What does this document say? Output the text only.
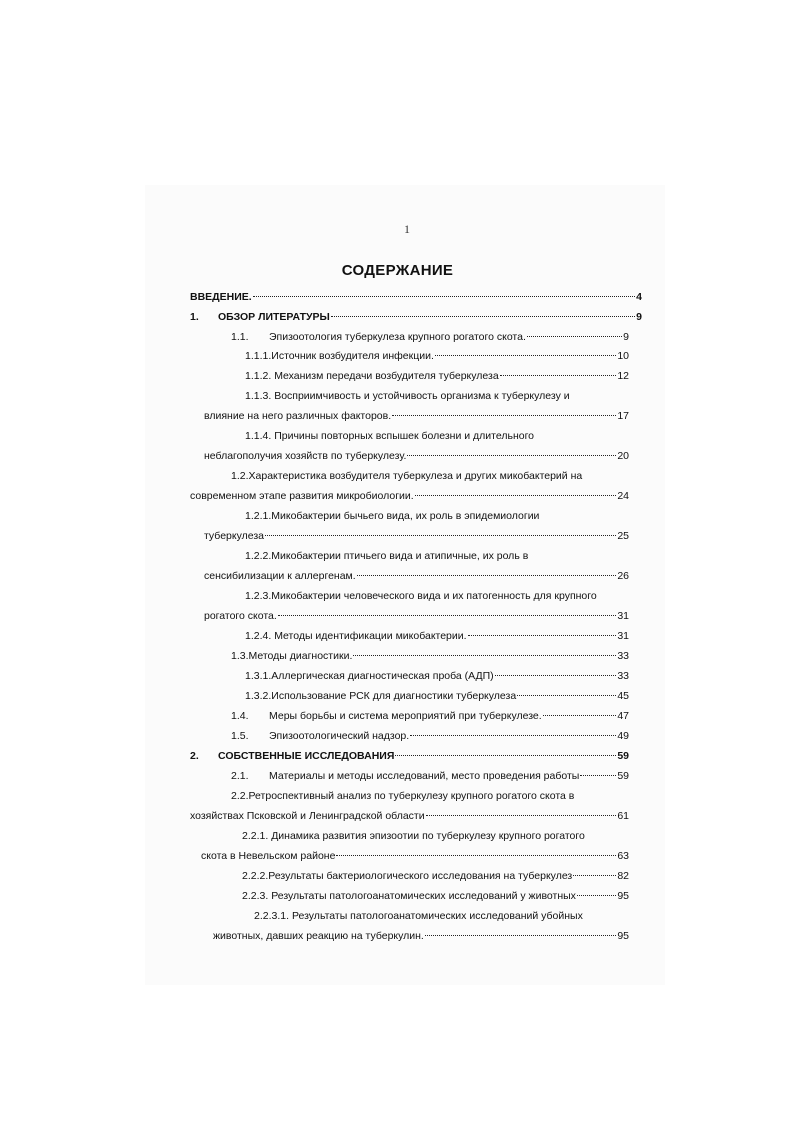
1
СОДЕРЖАНИЕ
ВВЕДЕНИЕ.	4
1.	ОБЗОР ЛИТЕРАТУРЫ	9
1.1.	Эпизоотология туберкулеза крупного рогатого скота.	9
1.1.1.Источник возбудителя инфекции.	10
1.1.2. Механизм передачи возбудителя туберкулеза	12
1.1.3. Восприимчивость и устойчивость организма к туберкулезу и
влияние на него различных факторов.	17
1.1.4. Причины повторных вспышек болезни и длительного
неблагополучия хозяйств по туберкулезу.	20
1.2.Характеристика возбудителя туберкулеза и других микобактерий на
современном этапе развития микробиологии.	24
1.2.1.Микобактерии бычьего вида, их роль в эпидемиологии
туберкулеза	25
1.2.2.Микобактерии птичьего вида и атипичные, их роль в
сенсибилизации к аллергенам.	26
1.2.3.Микобактерии человеческого вида и их патогенность для крупного
рогатого скота.	31
1.2.4. Методы идентификации микобактерии.	31
1.3.Методы диагностики.	33
1.3.1.Аллергическая диагностическая проба (АДП)	33
1.3.2.Использование РСК для диагностики туберкулеза	45
1.4.	Меры борьбы и система мероприятий при туберкулезе.	47
1.5.	Эпизоотологический надзор.	49
2.	СОБСТВЕННЫЕ ИССЛЕДОВАНИЯ	59
2.1.	Материалы и методы исследований, место проведения работы	59
2.2.Ретроспективный анализ по туберкулезу крупного рогатого скота в
хозяйствах Псковской и Ленинградской области	61
2.2.1. Динамика развития эпизоотии по туберкулезу крупного рогатого
скота в Невельском районе	63
2.2.2.Результаты бактериологического исследования на туберкулез	82
2.2.3. Результаты патологоанатомических исследований у животных	95
2.2.3.1. Результаты патологоанатомических исследований убойных
животных, давших реакцию на туберкулин.	95
